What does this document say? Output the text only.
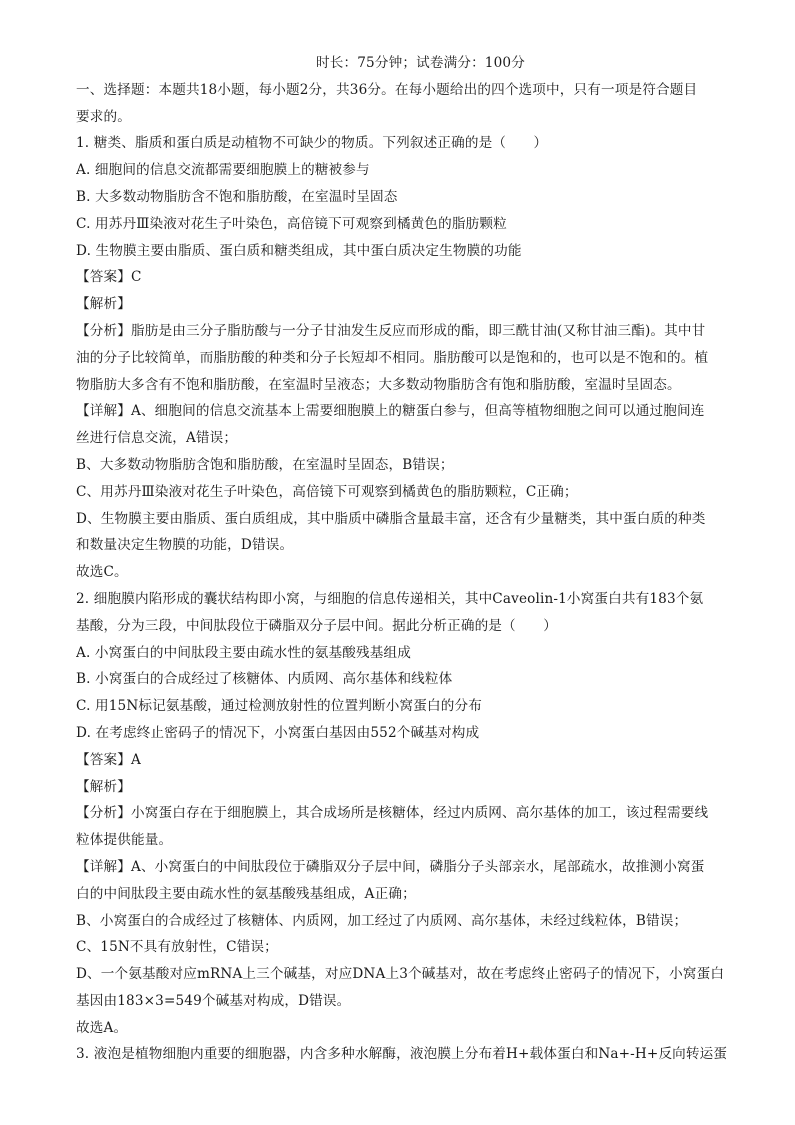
时长：75分钟；试卷满分：100分
一、选择题：本题共18小题，每小题2分，共36分。在每小题给出的四个选项中，只有一项是符合题目
要求的。
1. 糖类、脂质和蛋白质是动植物不可缺少的物质。下列叙述正确的是（　　）
A. 细胞间的信息交流都需要细胞膜上的糖被参与
B. 大多数动物脂肪含不饱和脂肪酸，在室温时呈固态
C. 用苏丹Ⅲ染液对花生子叶染色，高倍镜下可观察到橘黄色的脂肪颗粒
D. 生物膜主要由脂质、蛋白质和糖类组成，其中蛋白质决定生物膜的功能
【答案】C
【解析】
【分析】脂肪是由三分子脂肪酸与一分子甘油发生反应而形成的酯，即三酰甘油(又称甘油三酯)。其中甘
油的分子比较简单，而脂肪酸的种类和分子长短却不相同。脂肪酸可以是饱和的，也可以是不饱和的。植
物脂肪大多含有不饱和脂肪酸，在室温时呈液态；大多数动物脂肪含有饱和脂肪酸，室温时呈固态。
【详解】A、细胞间的信息交流基本上需要细胞膜上的糖蛋白参与，但高等植物细胞之间可以通过胞间连
丝进行信息交流，A错误；
B、大多数动物脂肪含饱和脂肪酸，在室温时呈固态，B错误；
C、用苏丹Ⅲ染液对花生子叶染色，高倍镜下可观察到橘黄色的脂肪颗粒，C正确；
D、生物膜主要由脂质、蛋白质组成，其中脂质中磷脂含量最丰富，还含有少量糖类，其中蛋白质的种类
和数量决定生物膜的功能，D错误。
故选C。
2. 细胞膜内陷形成的囊状结构即小窝，与细胞的信息传递相关，其中Caveolin-1小窝蛋白共有183个氨
基酸，分为三段，中间肽段位于磷脂双分子层中间。据此分析正确的是（　　）
A. 小窝蛋白的中间肽段主要由疏水性的氨基酸残基组成
B. 小窝蛋白的合成经过了核糖体、内质网、高尔基体和线粒体
C. 用15N标记氨基酸，通过检测放射性的位置判断小窝蛋白的分布
D. 在考虑终止密码子的情况下，小窝蛋白基因由552个碱基对构成
【答案】A
【解析】
【分析】小窝蛋白存在于细胞膜上，其合成场所是核糖体，经过内质网、高尔基体的加工，该过程需要线
粒体提供能量。
【详解】A、小窝蛋白的中间肽段位于磷脂双分子层中间，磷脂分子头部亲水，尾部疏水，故推测小窝蛋
白的中间肽段主要由疏水性的氨基酸残基组成，A正确；
B、小窝蛋白的合成经过了核糖体、内质网，加工经过了内质网、高尔基体，未经过线粒体，B错误；
C、15N不具有放射性，C错误；
D、一个氨基酸对应mRNA上三个碱基，对应DNA上3个碱基对，故在考虑终止密码子的情况下，小窝蛋白
基因由183×3=549个碱基对构成，D错误。
故选A。
3. 液泡是植物细胞内重要的细胞器，内含多种水解酶，液泡膜上分布着H+载体蛋白和Na+-H+反向转运蛋
